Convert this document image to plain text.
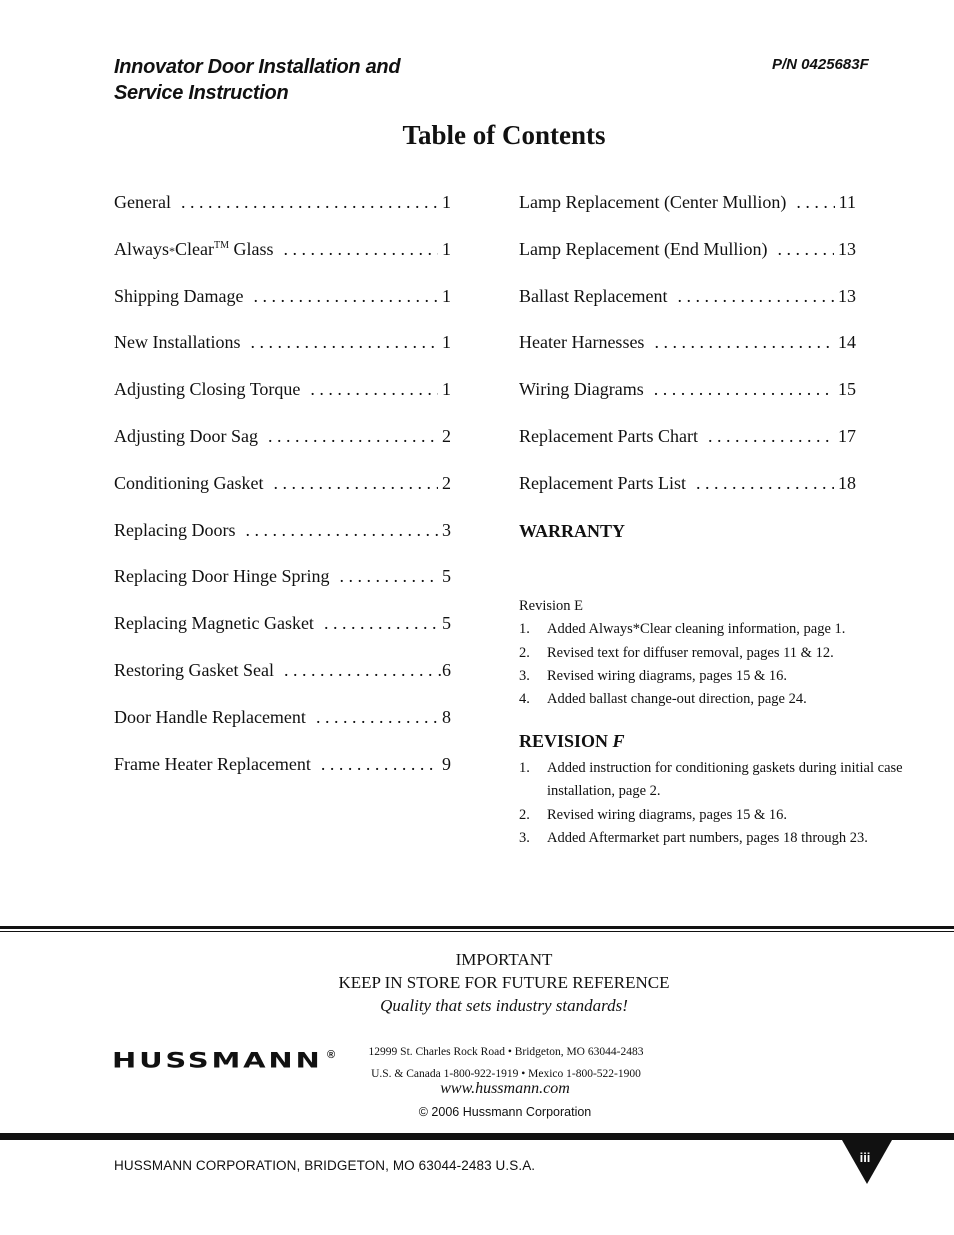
Innovator Door Installation and
Service Instruction
P/N 0425683F
Table of Contents
General . . .	1
Always*Clear™ Glass . . .	1
Shipping Damage . . .	1
New Installations . . .	1
Adjusting Closing Torque . . .	1
Adjusting Door Sag . . .	2
Conditioning Gasket . . .	2
Replacing Doors . . .	3
Replacing Door Hinge Spring . . .	5
Replacing Magnetic Gasket . . .	5
Restoring Gasket Seal . . .	.6
Door Handle Replacement . . .	8
Frame Heater Replacement . . .	9
Lamp Replacement (Center Mullion) . . .	11
Lamp Replacement (End Mullion) . . .	13
Ballast Replacement . . .	13
Heater Harnesses . . .	14
Wiring Diagrams . . .	15
Replacement Parts Chart . . .	17
Replacement Parts List . . .	18
WARRANTY
Revision E
1.	Added Always*Clear cleaning information, page 1.
2.	Revised text for diffuser removal, pages 11 & 12.
3.	Revised wiring diagrams, pages 15 & 16.
4.	Added ballast change-out direction, page 24.
REVISION F
1.	Added instruction for conditioning gaskets during initial case installation, page 2.
2.	Revised wiring diagrams, pages 15 & 16.
3.	Added Aftermarket part numbers, pages 18 through 23.
IMPORTANT
KEEP IN STORE FOR FUTURE REFERENCE
Quality that sets industry standards!
HUSSMANN ®	12999 St. Charles Rock Road • Bridgeton, MO 63044-2483
U.S. & Canada 1-800-922-1919 • Mexico 1-800-522-1900
www.hussmann.com
© 2006 Hussmann Corporation
HUSSMANN CORPORATION, BRIDGETON, MO 63044-2483 U.S.A.
iii
